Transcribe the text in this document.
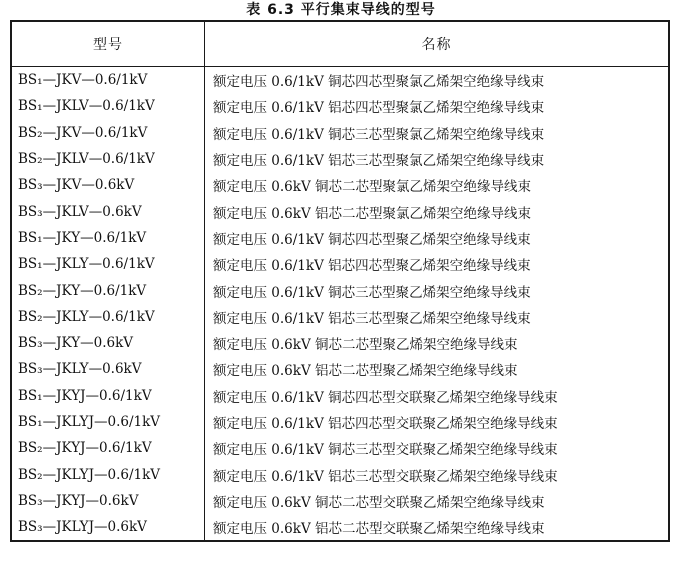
表 6.3 平行集束导线的型号
型号	名称
BS₁—JKV—0.6/1kV	额定电压 0.6/1kV 铜芯四芯型聚氯乙烯架空绝缘导线束
BS₁—JKLV—0.6/1kV	额定电压 0.6/1kV 铝芯四芯型聚氯乙烯架空绝缘导线束
BS₂—JKV—0.6/1kV	额定电压 0.6/1kV 铜芯三芯型聚氯乙烯架空绝缘导线束
BS₂—JKLV—0.6/1kV	额定电压 0.6/1kV 铝芯三芯型聚氯乙烯架空绝缘导线束
BS₃—JKV—0.6kV	额定电压 0.6kV 铜芯二芯型聚氯乙烯架空绝缘导线束
BS₃—JKLV—0.6kV	额定电压 0.6kV 铝芯二芯型聚氯乙烯架空绝缘导线束
BS₁—JKY—0.6/1kV	额定电压 0.6/1kV 铜芯四芯型聚乙烯架空绝缘导线束
BS₁—JKLY—0.6/1kV	额定电压 0.6/1kV 铝芯四芯型聚乙烯架空绝缘导线束
BS₂—JKY—0.6/1kV	额定电压 0.6/1kV 铜芯三芯型聚乙烯架空绝缘导线束
BS₂—JKLY—0.6/1kV	额定电压 0.6/1kV 铝芯三芯型聚乙烯架空绝缘导线束
BS₃—JKY—0.6kV	额定电压 0.6kV 铜芯二芯型聚乙烯架空绝缘导线束
BS₃—JKLY—0.6kV	额定电压 0.6kV 铝芯二芯型聚乙烯架空绝缘导线束
BS₁—JKYJ—0.6/1kV	额定电压 0.6/1kV 铜芯四芯型交联聚乙烯架空绝缘导线束
BS₁—JKLYJ—0.6/1kV	额定电压 0.6/1kV 铝芯四芯型交联聚乙烯架空绝缘导线束
BS₂—JKYJ—0.6/1kV	额定电压 0.6/1kV 铜芯三芯型交联聚乙烯架空绝缘导线束
BS₂—JKLYJ—0.6/1kV	额定电压 0.6/1kV 铝芯三芯型交联聚乙烯架空绝缘导线束
BS₃—JKYJ—0.6kV	额定电压 0.6kV 铜芯二芯型交联聚乙烯架空绝缘导线束
BS₃—JKLYJ—0.6kV	额定电压 0.6kV 铝芯二芯型交联聚乙烯架空绝缘导线束
